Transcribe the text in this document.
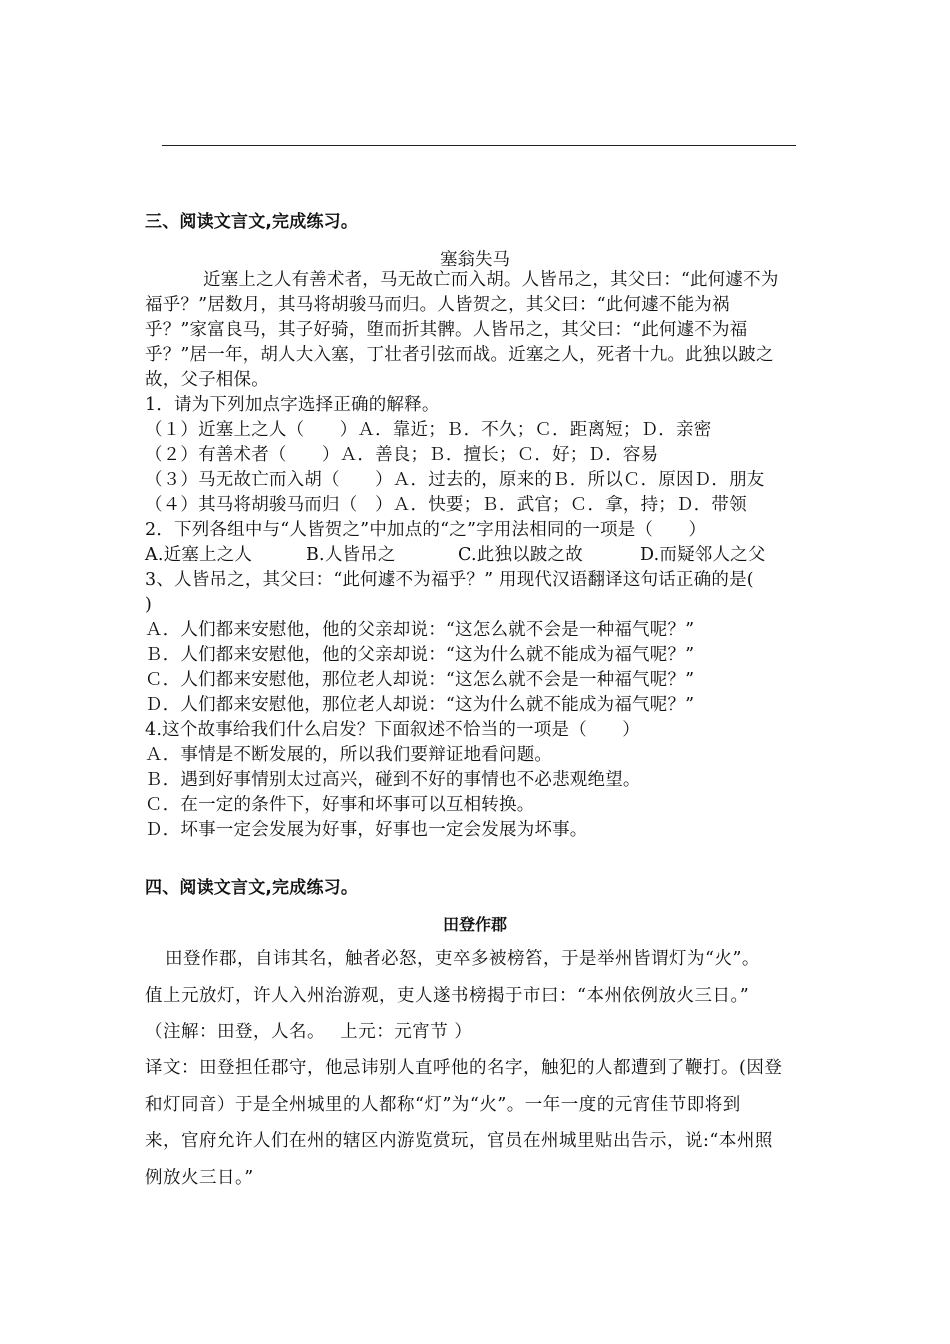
三、阅读文言文,完成练习。
塞翁失马
近塞上之人有善术者，马无故亡而入胡。人皆吊之，其父曰：“此何遽不为
福乎？”居数月，其马将胡骏马而归。人皆贺之，其父曰：“此何遽不能为祸
乎？”家富良马，其子好骑，堕而折其髀。人皆吊之，其父曰：“此何遽不为福
乎？”居一年，胡人大入塞，丁壮者引弦而战。近塞之人，死者十九。此独以跛之
故，父子相保。
1．请为下列加点字选择正确的解释。
（１）近塞上之人（　　）Ａ．靠近；Ｂ．不久；Ｃ．距离短；Ｄ．亲密
（２）有善术者（　　）Ａ．善良；Ｂ．擅长；Ｃ．好；Ｄ．容易
（３）马无故亡而入胡（　　）Ａ．过去的，原来的Ｂ．所以Ｃ．原因Ｄ．朋友
（４）其马将胡骏马而归（　）Ａ．快要；Ｂ．武官；Ｃ．拿，持；Ｄ．带领
2．下列各组中与“人皆贺之”中加点的“之”字用法相同的一项是（　　）
A.近塞上之人	B.人皆吊之	C.此独以跛之故	D.而疑邻人之父
3、人皆吊之，其父曰：“此何遽不为福乎？” 用现代汉语翻译这句话正确的是(
)
Ａ．人们都来安慰他，他的父亲却说：“这怎么就不会是一种福气呢？”
Ｂ．人们都来安慰他，他的父亲却说：“这为什么就不能成为福气呢？”
Ｃ．人们都来安慰他，那位老人却说：“这怎么就不会是一种福气呢？”
Ｄ．人们都来安慰他，那位老人却说：“这为什么就不能成为福气呢？”
4.这个故事给我们什么启发？下面叙述不恰当的一项是（　　）
Ａ．事情是不断发展的，所以我们要辩证地看问题。
Ｂ．遇到好事情别太过高兴，碰到不好的事情也不必悲观绝望。
Ｃ．在一定的条件下，好事和坏事可以互相转换。
Ｄ．坏事一定会发展为好事，好事也一定会发展为坏事。
四、阅读文言文,完成练习。
田登作郡
田登作郡，自讳其名，触者必怒，吏卒多被榜笞，于是举州皆谓灯为“火”。
值上元放灯，许人入州治游观，吏人遂书榜揭于市曰：“本州依例放火三日。”
（注解：田登，人名。　 上元：元宵节 ）
译文：田登担任郡守，他忌讳别人直呼他的名字，触犯的人都遭到了鞭打。(因登
和灯同音）于是全州城里的人都称“灯”为“火”。一年一度的元宵佳节即将到
来，官府允许人们在州的辖区内游览赏玩，官员在州城里贴出告示，说:“本州照
例放火三日。”
